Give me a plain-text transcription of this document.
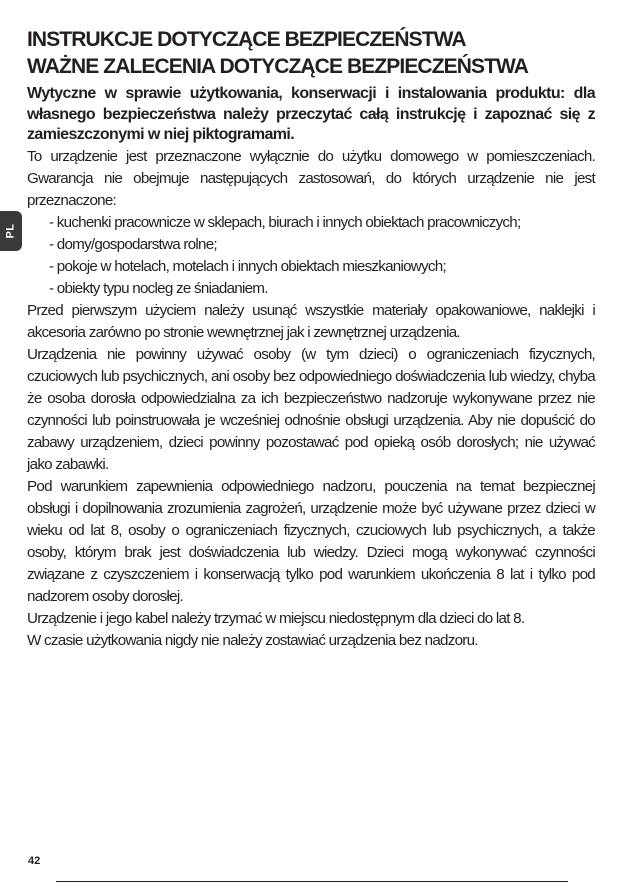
PL
INSTRUKCJE DOTYCZĄCE BEZPIECZEŃSTWA
WAŻNE ZALECENIA DOTYCZĄCE BEZPIECZEŃSTWA
Wytyczne w sprawie użytkowania, konserwacji i instalowania produktu: dla własnego bezpieczeństwa należy przeczytać całą instrukcję i zapoznać się z zamieszczonymi w niej piktogramami.

To urządzenie jest przeznaczone wyłącznie do użytku domowego w pomieszczeniach. Gwarancja nie obejmuje następujących zastosowań, do których urządzenie nie jest przeznaczone:

- kuchenki pracownicze w sklepach, biurach i innych obiektach pracowniczych;
- domy/gospodarstwa rolne;
- pokoje w hotelach, motelach i innych obiektach mieszkaniowych;
- obiekty typu nocleg ze śniadaniem.

Przed pierwszym użyciem należy usunąć wszystkie materiały opakowaniowe, naklejki i akcesoria zarówno po stronie wewnętrznej jak i zewnętrznej urządzenia.

Urządzenia nie powinny używać osoby (w tym dzieci) o ograniczeniach fizycznych, czuciowych lub psychicznych, ani osoby bez odpowiedniego doświadczenia lub wiedzy, chyba że osoba dorosła odpowiedzialna za ich bezpieczeństwo nadzoruje wykonywane przez nie czynności lub poinstruowała je wcześniej odnośnie obsługi urządzenia. Aby nie dopuścić do zabawy urządzeniem, dzieci powinny pozostawać pod opieką osób dorosłych; nie używać jako zabawki.

Pod warunkiem zapewnienia odpowiedniego nadzoru, pouczenia na temat bezpiecznej obsługi i dopilnowania zrozumienia zagrożeń, urządzenie może być używane przez dzieci w wieku od lat 8, osoby o ograniczeniach fizycznych, czuciowych lub psychicznych, a także osoby, którym brak jest doświadczenia lub wiedzy. Dzieci mogą wykonywać czynności związane z czyszczeniem i konserwacją tylko pod warunkiem ukończenia 8 lat i tylko pod nadzorem osoby dorosłej.

Urządzenie i jego kabel należy trzymać w miejscu niedostępnym dla dzieci do lat 8.

W czasie użytkowania nigdy nie należy zostawiać urządzenia bez nadzoru.

42
